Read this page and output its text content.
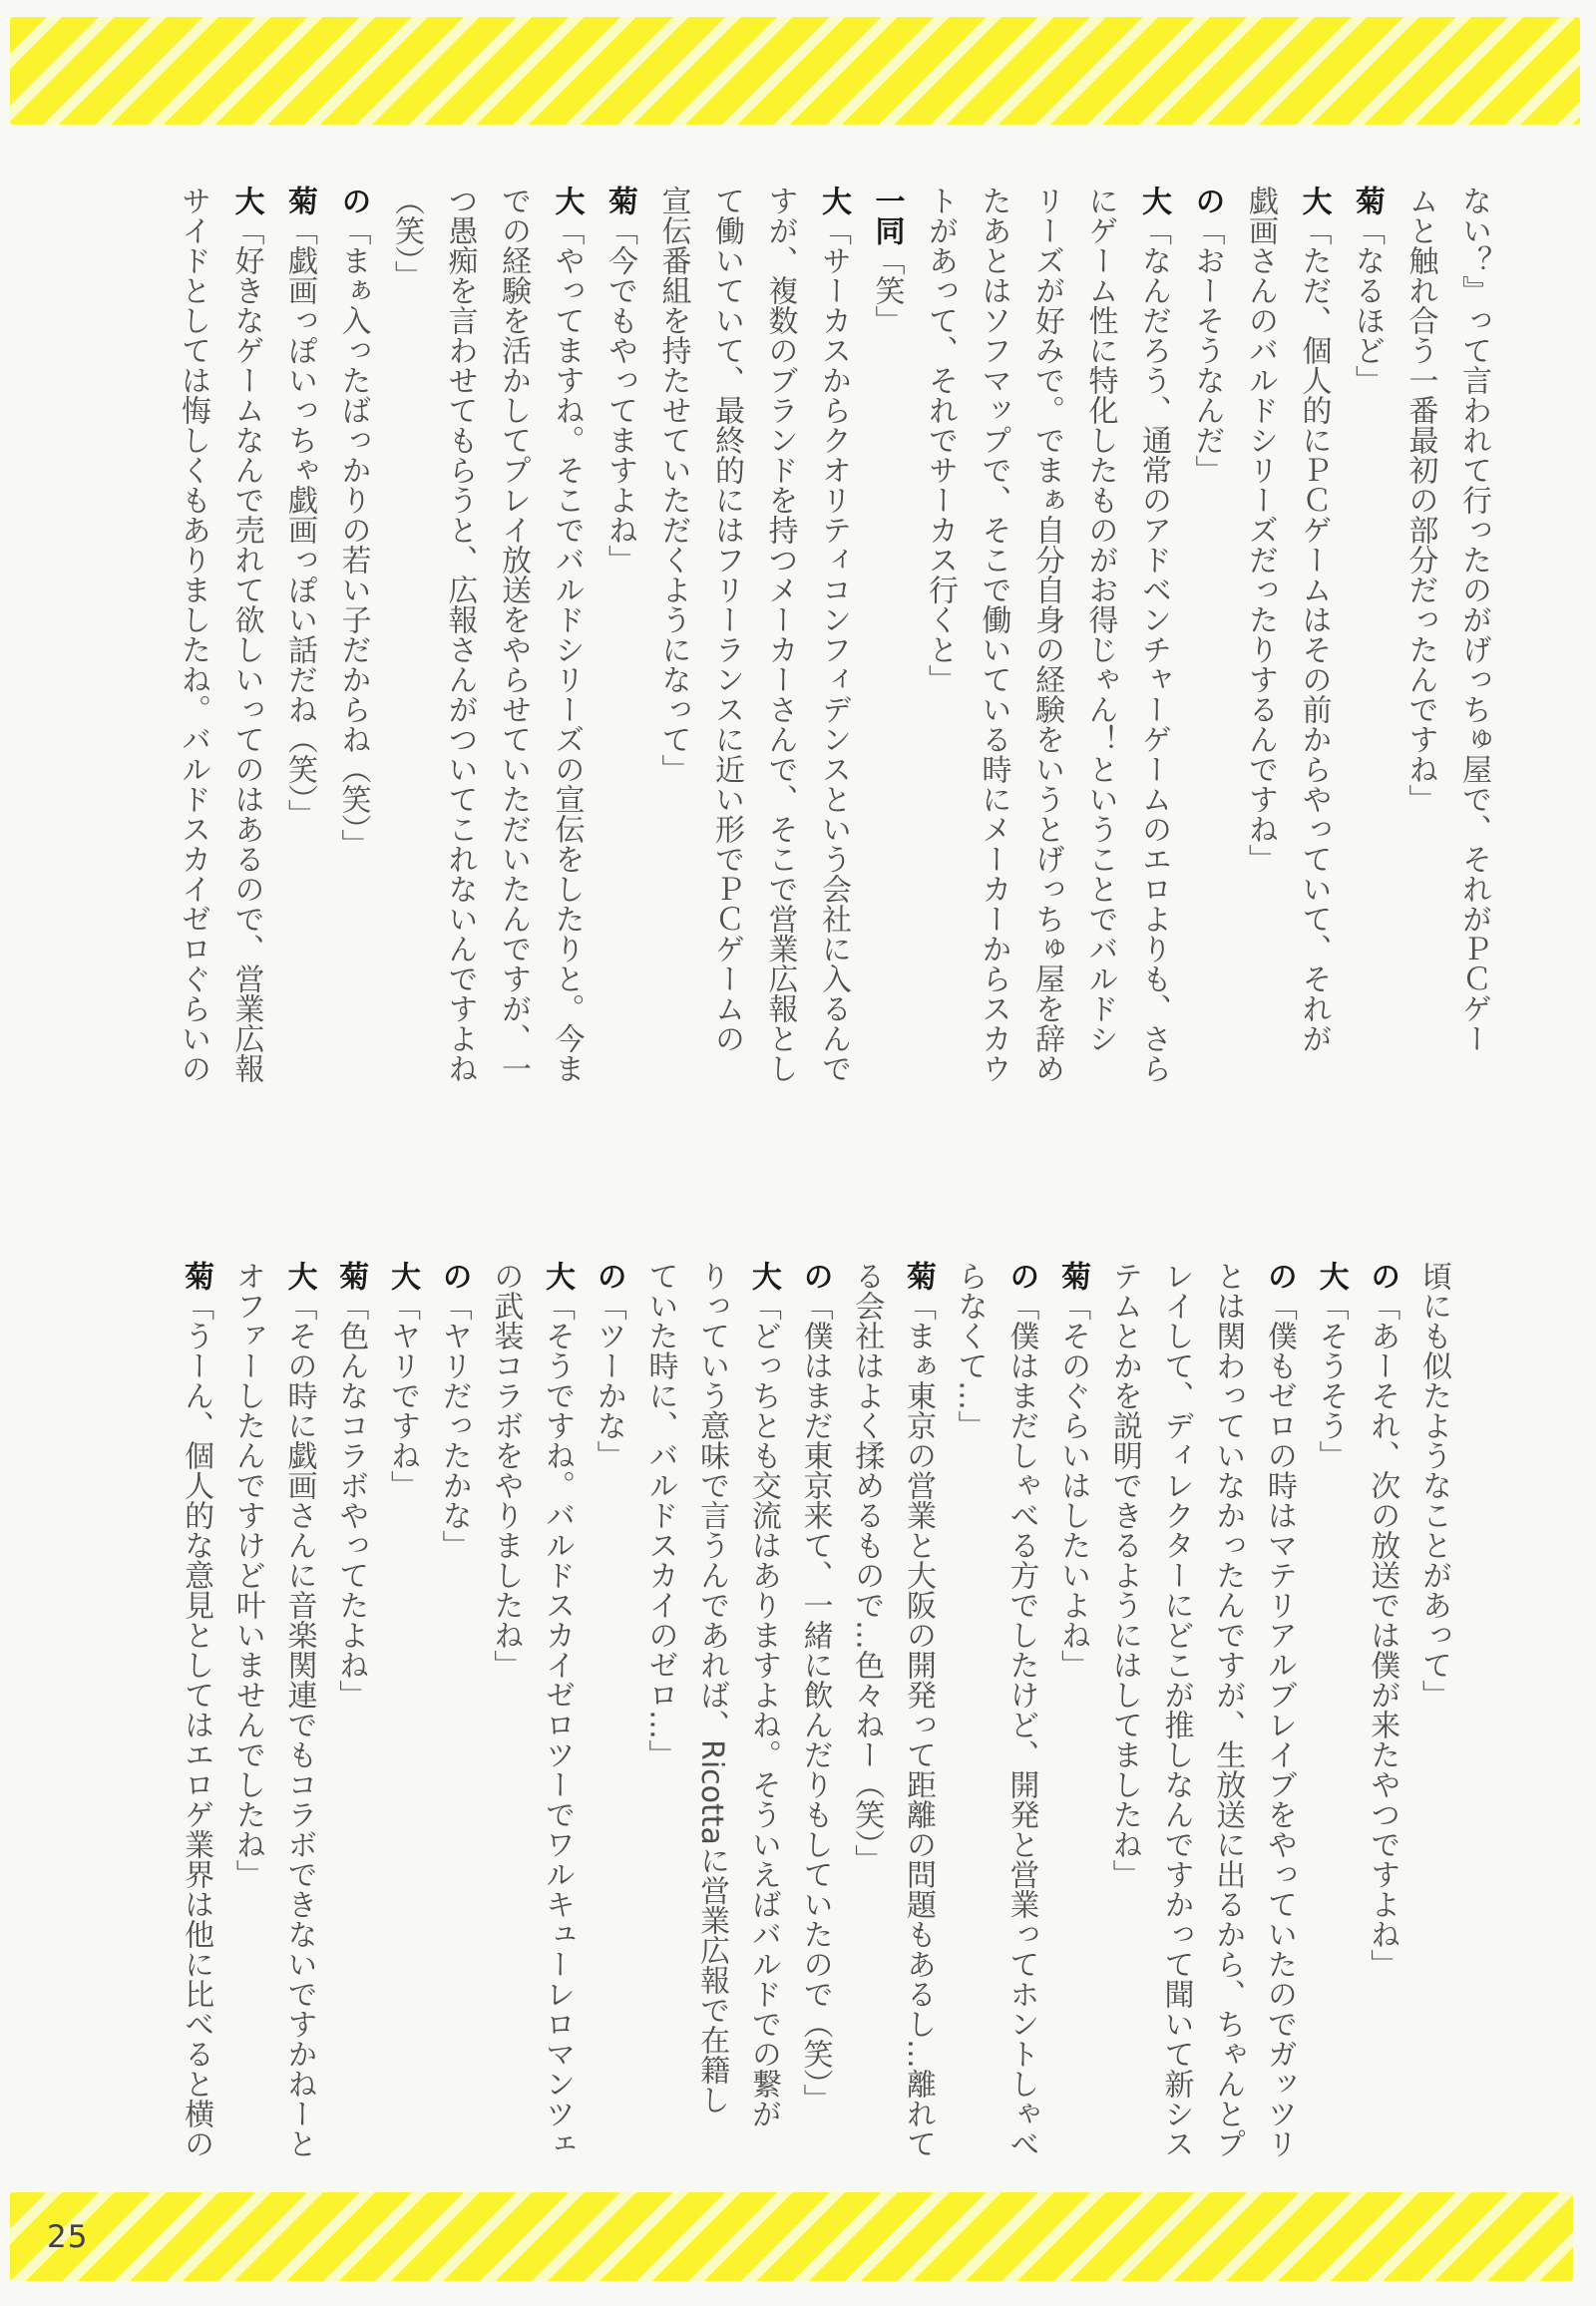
ない？』って言われて行ったのがげっちゅ屋で、それがＰＣゲー
ムと触れ合う一番最初の部分だったんですね」
菊「なるほど」
大「ただ、個人的にＰＣゲームはその前からやっていて、それが
戯画さんのバルドシリーズだったりするんですね」
の「おーそうなんだ」
大「なんだろう、通常のアドベンチャーゲームのエロよりも、さら
にゲーム性に特化したものがお得じゃん！ということでバルドシ
リーズが好みで。でまぁ自分自身の経験をいうとげっちゅ屋を辞め
たあとはソフマップで、そこで働いている時にメーカーからスカウ
トがあって、それでサーカス行くと」
一同「笑」
大「サーカスからクオリティコンフィデンスという会社に入るんで
すが、複数のブランドを持つメーカーさんで、そこで営業広報とし
て働いていて、最終的にはフリーランスに近い形でＰＣゲームの
宣伝番組を持たせていただくようになって」
菊「今でもやってますよね」
大「やってますね。そこでバルドシリーズの宣伝をしたりと。今ま
での経験を活かしてプレイ放送をやらせていただいたんですが、一
つ愚痴を言わせてもらうと、広報さんがついてこれないんですよね
（笑）」
の「まぁ入ったばっかりの若い子だからね（笑）」
菊「戯画っぽいっちゃ戯画っぽい話だね（笑）」
大「好きなゲームなんで売れて欲しいってのはあるので、営業広報
サイドとしては悔しくもありましたね。バルドスカイゼロぐらいの
頃にも似たようなことがあって」
の「あーそれ、次の放送では僕が来たやつですよね」
大「そうそう」
の「僕もゼロの時はマテリアルブレイブをやっていたのでガッツリ
とは関わっていなかったんですが、生放送に出るから、ちゃんとプ
レイして、ディレクターにどこが推しなんですかって聞いて新シス
テムとかを説明できるようにはしてましたね」
菊「そのぐらいはしたいよね」
の「僕はまだしゃべる方でしたけど、開発と営業ってホントしゃべ
らなくて…」
菊「まぁ東京の営業と大阪の開発って距離の問題もあるし…離れて
る会社はよく揉めるもので…色々ねー（笑）」
の「僕はまだ東京来て、一緒に飲んだりもしていたので（笑）」
大「どっちとも交流はありますよね。そういえばバルドでの繋が
りっていう意味で言うんであれば、Ricottaに営業広報で在籍し
ていた時に、バルドスカイのゼロ…」
の「ツーかな」
大「そうですね。バルドスカイゼロツーでワルキューレロマンツェ
の武装コラボをやりましたね」
の「ヤリだったかな」
大「ヤリですね」
菊「色んなコラボやってたよね」
大「その時に戯画さんに音楽関連でもコラボできないですかねーと
オファーしたんですけど叶いませんでしたね」
菊「うーん、個人的な意見としてはエロゲ業界は他に比べると横の
25
